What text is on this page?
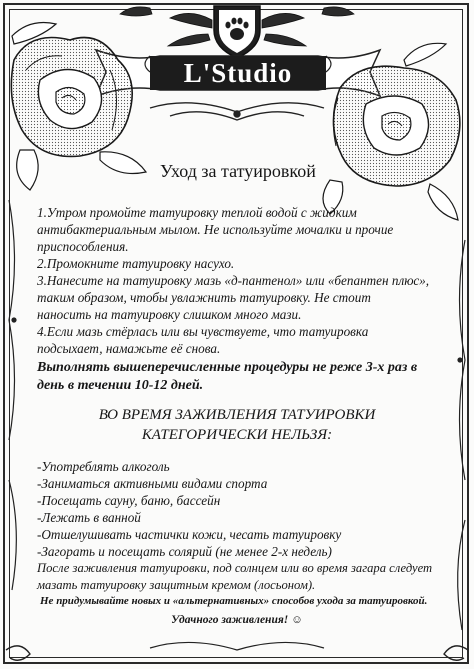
L'Studio
Уход за татуировкой
1.Утром промойте татуировку теплой водой с жидким
антибактериальным мылом. Не используйте мочалки и прочие
приспособления.
2.Промокните татуировку насухо.
3.Нанесите на татуировку мазь «д-пантенол» или «бепантен плюс»,
таким образом, чтобы увлажнить татуировку. Не стоит
наносить на татуировку слишком много мази.
4.Если мазь стёрлась или вы чувствуете, что татуировка
подсыхает, намажьте её снова.
Выполнять вышеперечисленные процедуры не реже 3-х раз в
день в течении 10-12 дней.
ВО ВРЕМЯ ЗАЖИВЛЕНИЯ ТАТУИРОВКИ
КАТЕГОРИЧЕСКИ НЕЛЬЗЯ:
-Употреблять алкоголь
-Заниматься активными видами спорта
-Посещать сауну, баню, бассейн
-Лежать в ванной
-Отшелушивать частички кожи, чесать татуировку
-Загорать и посещать солярий (не менее 2-х недель)
После заживления татуировки, под солнцем или во время загара следует
мазать татуировку защитным кремом (лосьоном).
Не придумывайте новых и «альтернативных» способов ухода за татуировкой.
Удачного заживления! ☺
